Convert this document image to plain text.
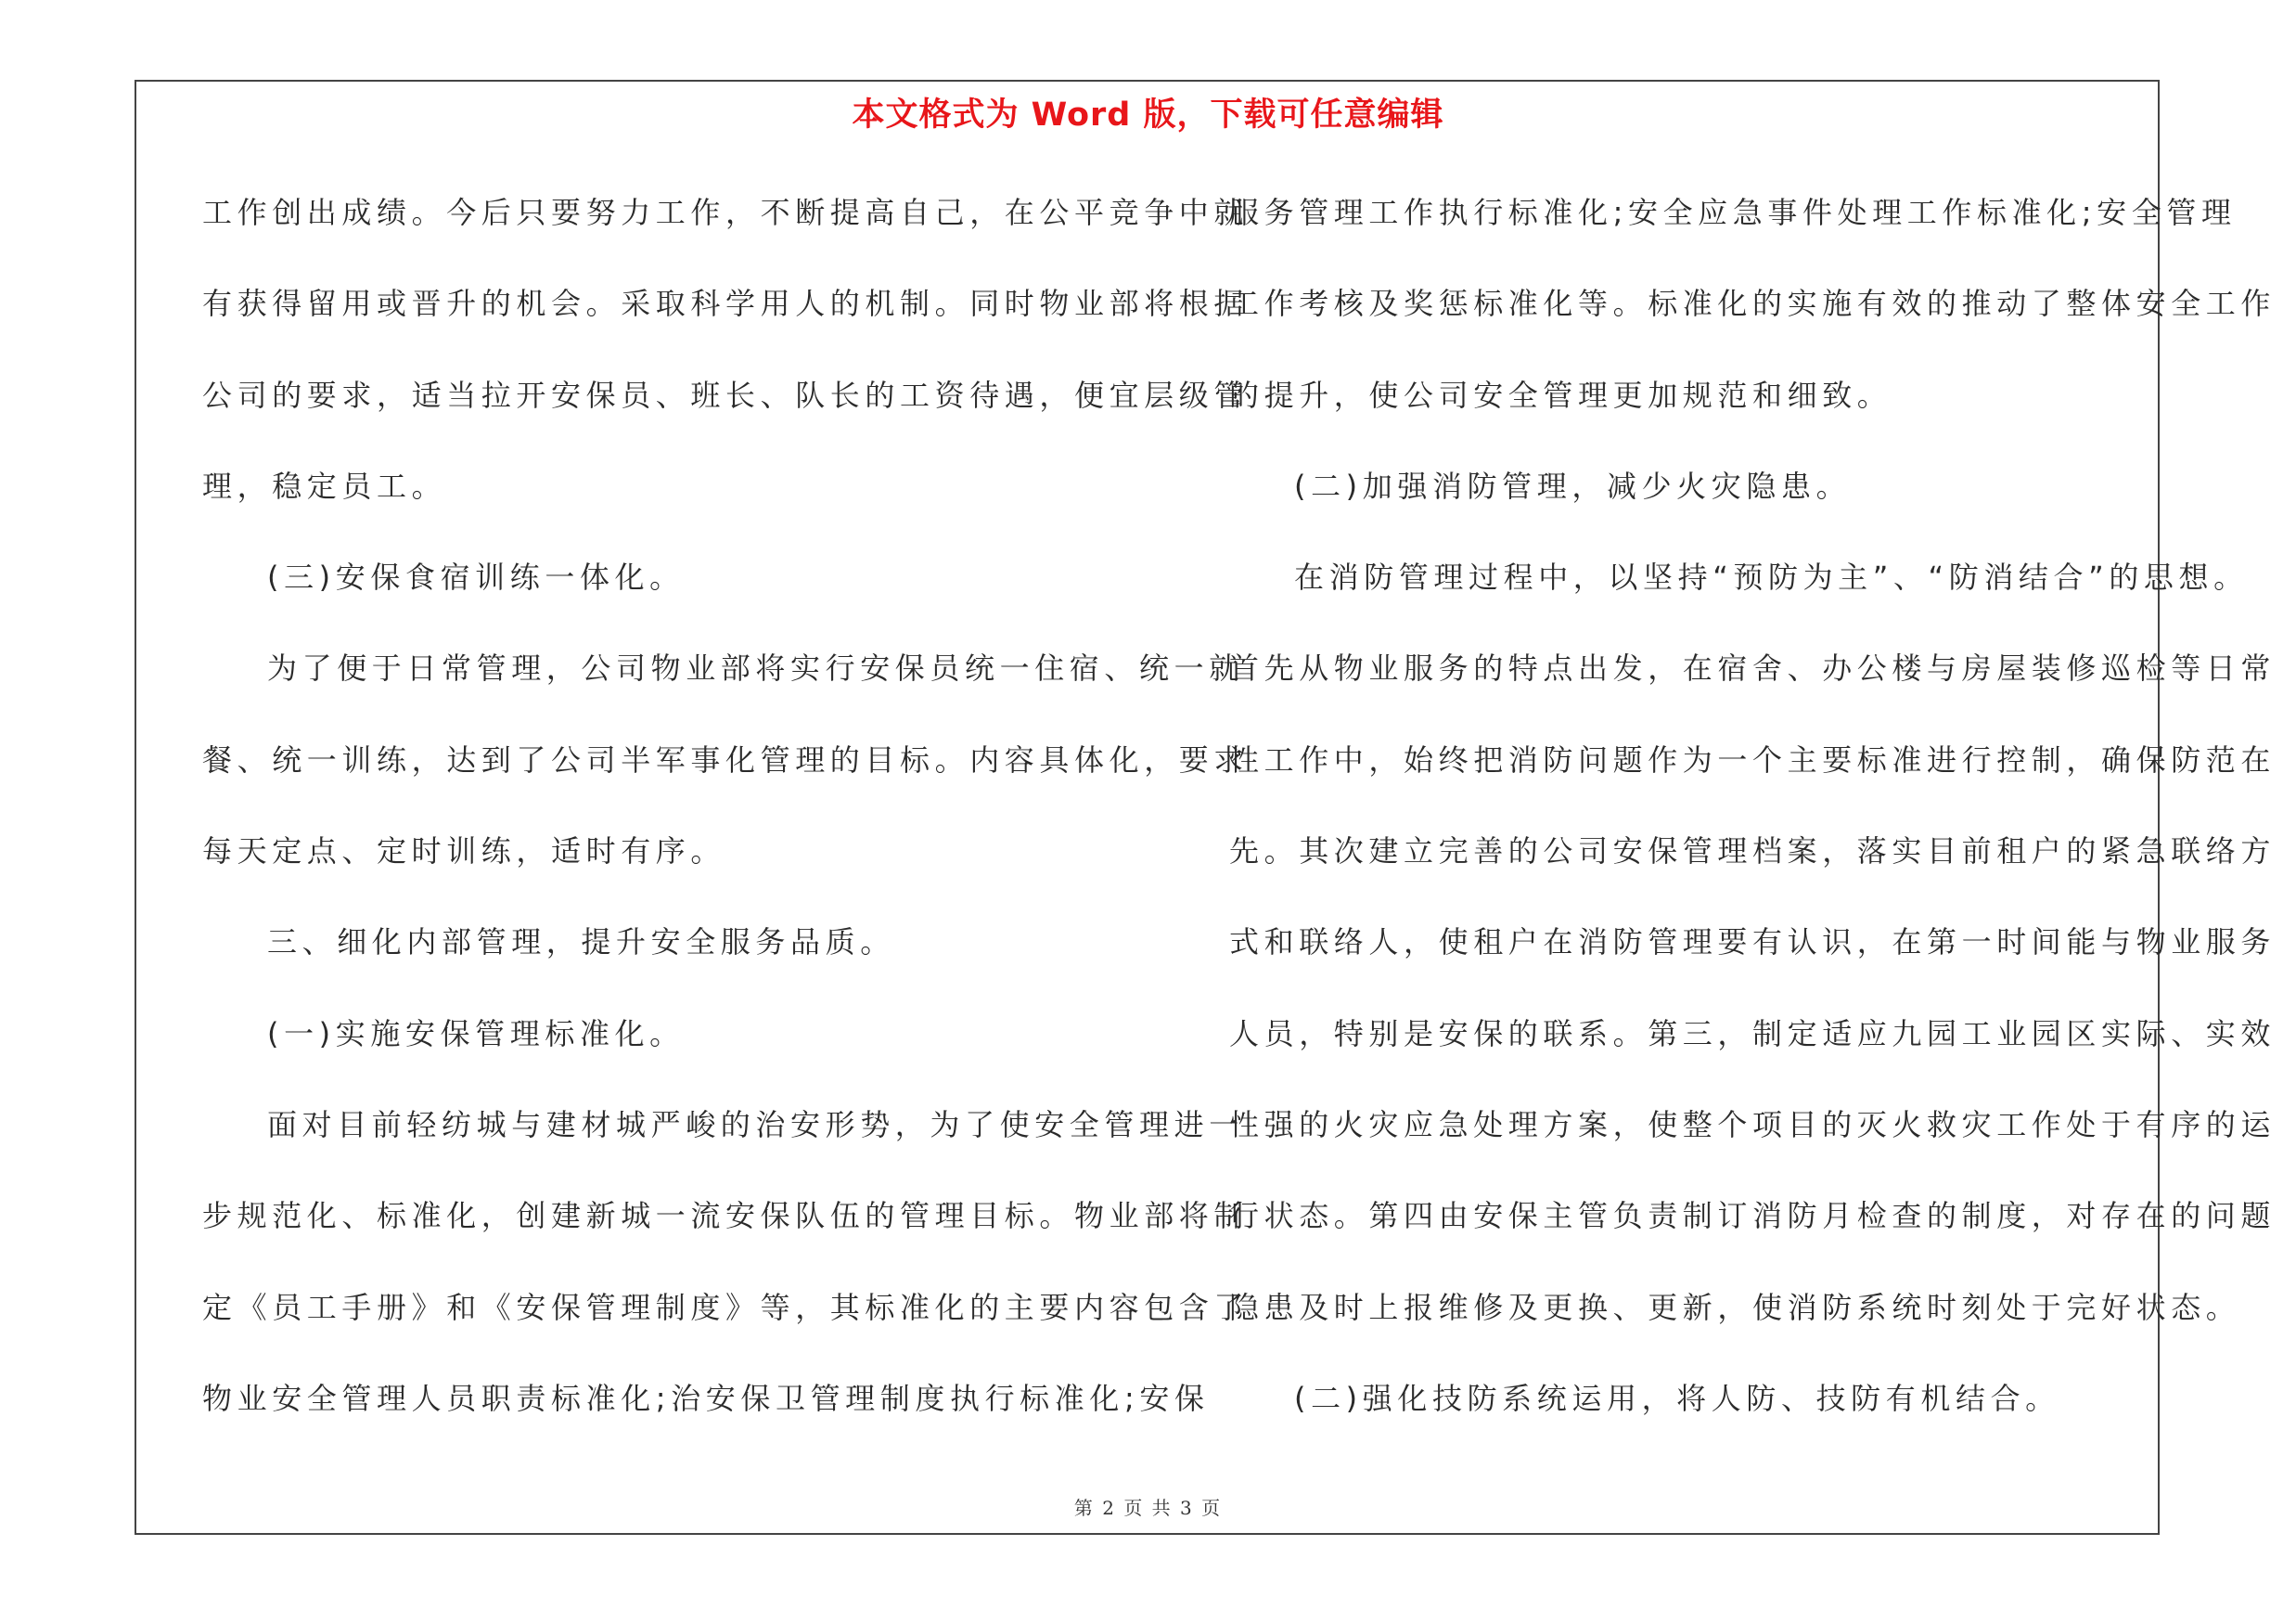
本文格式为 Word 版，下载可任意编辑
工作创出成绩。今后只要努力工作，不断提高自己，在公平竞争中就
有获得留用或晋升的机会。采取科学用人的机制。同时物业部将根据
公司的要求，适当拉开安保员、班长、队长的工资待遇，便宜层级管
理，稳定员工。
(三)安保食宿训练一体化。
为了便于日常管理，公司物业部将实行安保员统一住宿、统一就
餐、统一训练，达到了公司半军事化管理的目标。内容具体化，要求
每天定点、定时训练，适时有序。
三、细化内部管理，提升安全服务品质。
(一)实施安保管理标准化。
面对目前轻纺城与建材城严峻的治安形势，为了使安全管理进一
步规范化、标准化，创建新城一流安保队伍的管理目标。物业部将制
定《员工手册》和《安保管理制度》等，其标准化的主要内容包含了
物业安全管理人员职责标准化;治安保卫管理制度执行标准化;安保
服务管理工作执行标准化;安全应急事件处理工作标准化;安全管理
工作考核及奖惩标准化等。标准化的实施有效的推动了整体安全工作
的提升，使公司安全管理更加规范和细致。
(二)加强消防管理，减少火灾隐患。
在消防管理过程中，以坚持“预防为主”、“防消结合”的思想。
首先从物业服务的特点出发，在宿舍、办公楼与房屋装修巡检等日常
性工作中，始终把消防问题作为一个主要标准进行控制，确保防范在
先。其次建立完善的公司安保管理档案，落实目前租户的紧急联络方
式和联络人，使租户在消防管理要有认识，在第一时间能与物业服务
人员，特别是安保的联系。第三，制定适应九园工业园区实际、实效
性强的火灾应急处理方案，使整个项目的灭火救灾工作处于有序的运
行状态。第四由安保主管负责制订消防月检查的制度，对存在的问题
隐患及时上报维修及更换、更新，使消防系统时刻处于完好状态。
(二)强化技防系统运用，将人防、技防有机结合。
第 2 页 共 3 页
